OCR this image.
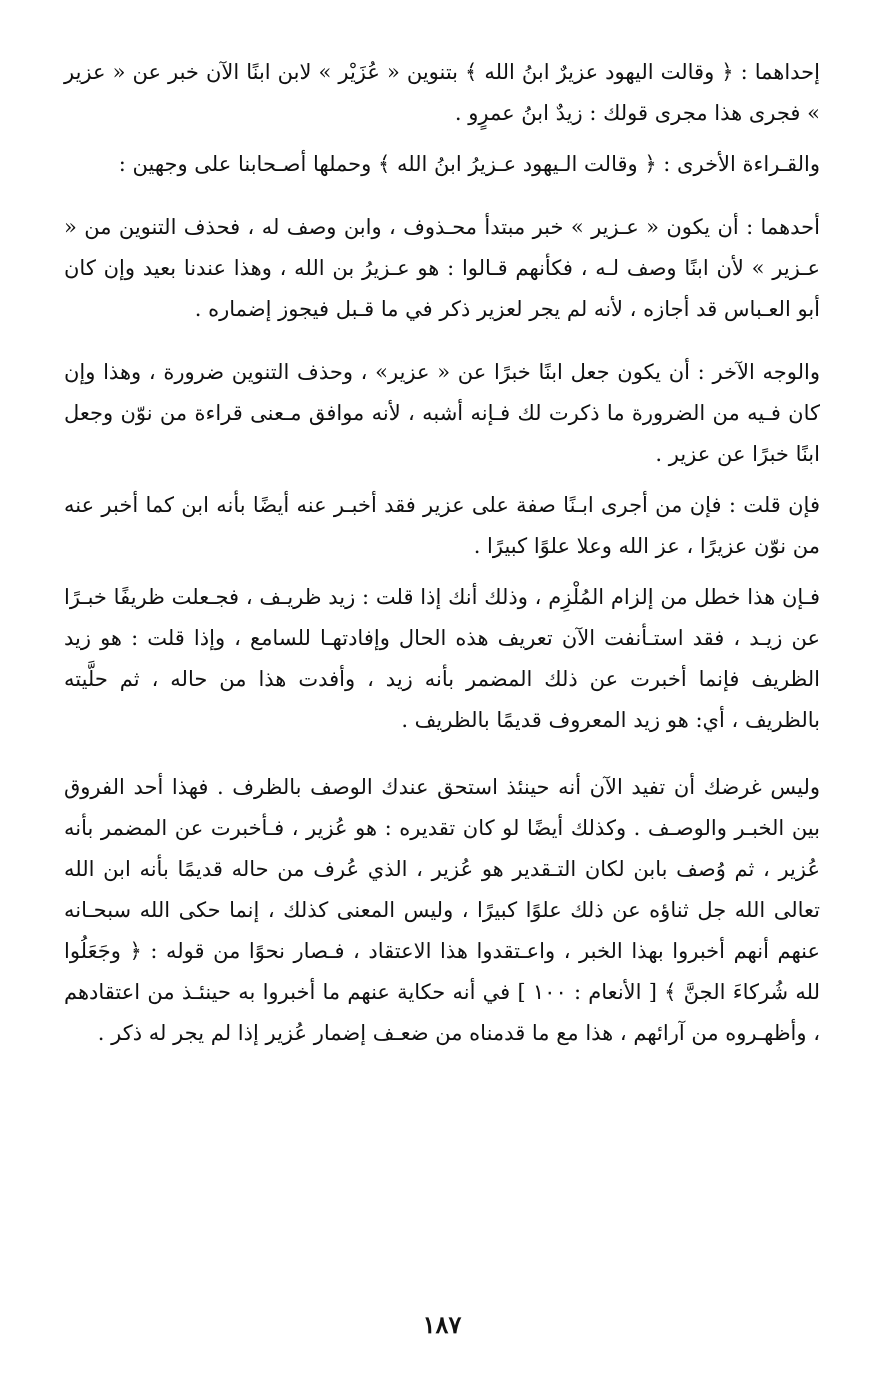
إحداهما : ﴿ وقالت اليهود عزيرٌ ابنُ الله ﴾ بتنوين « عُزَيْر » لابن ابنًا الآن خبر عن « عزير » فجرى هذا مجرى قولك : زيدٌ ابنُ عمرٍو .

والقـراءة الأخرى : ﴿ وقالت الـيهود عـزيرُ ابنُ الله ﴾ وحملها أصـحابنا على وجهين :

أحدهما : أن يكون « عـزير » خبر مبتدأ محـذوف ، وابن وصف له ، فحذف التنوين من « عـزير » لأن ابنًا وصف لـه ، فكأنهم قـالوا : هو عـزيرُ بن الله ، وهذا عندنا بعيد وإن كان أبو العـباس قد أجازه ، لأنه لم يجر لعزير ذكر في ما قـبل فيجوز إضماره .

والوجه الآخر : أن يكون جعل ابنًا خبرًا عن « عزير» ، وحذف التنوين ضرورة ، وهذا وإن كان فـيه من الضرورة ما ذكرت لك فـإنه أشبه ، لأنه موافق مـعنى قراءة من نوّن وجعل ابنًا خبرًا عن عزير .

فإن قلت : فإن من أجرى ابـنًا صفة على عزير فقد أخبـر عنه أيضًا بأنه ابن كما أخبر عنه من نوّن عزيرًا ، عز الله وعلا علوًا كبيرًا .

فـإن هذا خطل من إلزام المُلْزِم ، وذلك أنك إذا قلت : زيد ظريـف ، فجـعلت ظريفًا خبـرًا عن زيـد ، فقد استـأنفت الآن تعريف هذه الحال وإفادتهـا للسامع ، وإذا قلت : هو زيد الظريف فإنما أخبرت عن ذلك المضمر بأنه زيد ، وأفدت هذا من حاله ، ثم حلَّيته بالظريف ، أي: هو زيد المعروف قديمًا بالظريف .

وليس غرضك أن تفيد الآن أنه حينئذ استحق عندك الوصف بالظرف . فهذا أحد الفروق بين الخبـر والوصـف . وكذلك أيضًا لو كان تقديره : هو عُزير ، فـأخبرت عن المضمر بأنه عُزير ، ثم وُصف بابن لكان التـقدير هو عُزير ، الذي عُرف من حاله قديمًا بأنه ابن الله تعالى الله جل ثناؤه عن ذلك علوًا كبيرًا ، وليس المعنى كذلك ، إنما حكى الله سبحـانه عنهم أنهم أخبروا بهذا الخبر ، واعـتقدوا هذا الاعتقاد ، فـصار نحوًا من قوله : ﴿ وجَعَلُوا لله شُركاءَ الجنَّ ﴾ [ الأنعام : ١٠٠ ] في أنه حكاية عنهم ما أخبروا به حينئـذ من اعتقادهم ، وأظهـروه من آرائهم ، هذا مع ما قدمناه من ضعـف إضمار عُزير إذا لم يجر له ذكر .

١٨٧
